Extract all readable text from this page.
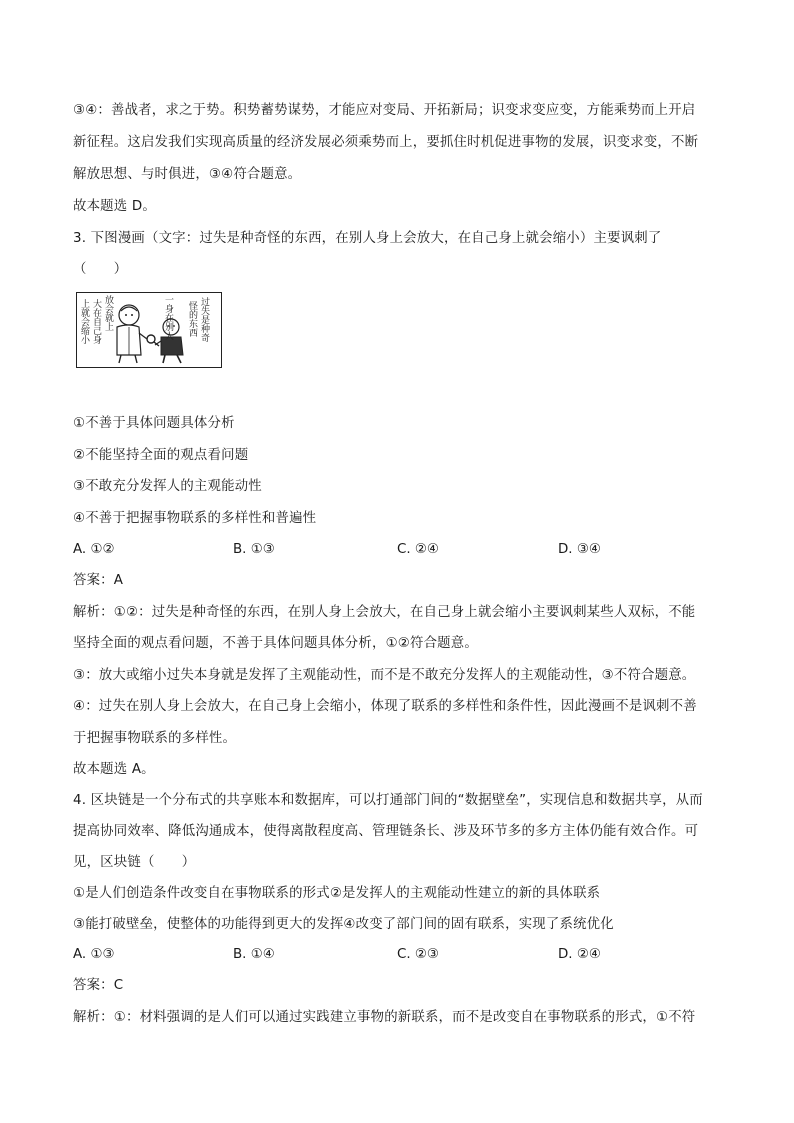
③④：善战者，求之于势。积势蓄势谋势，才能应对变局、开拓新局；识变求变应变，方能乘势而上开启
新征程。这启发我们实现高质量的经济发展必须乘势而上，要抓住时机促进事物的发展，识变求变，不断
解放思想、与时俱进，③④符合题意。
故本题选 D。
3. 下图漫画（文字：过失是种奇怪的东西，在别人身上会放大，在自己身上就会缩小）主要讽刺了
（　　）
上就会缩小 大在自己身 放会就上	一身在别人	过失是种奇
怪的东西
①不善于具体问题具体分析
②不能坚持全面的观点看问题
③不敢充分发挥人的主观能动性
④不善于把握事物联系的多样性和普遍性
A. ①②	B. ①③	C. ②④	D. ③④
答案：A
解析：①②：过失是种奇怪的东西，在别人身上会放大，在自己身上就会缩小主要讽刺某些人双标，不能
坚持全面的观点看问题，不善于具体问题具体分析，①②符合题意。
③：放大或缩小过失本身就是发挥了主观能动性，而不是不敢充分发挥人的主观能动性，③不符合题意。
④：过失在别人身上会放大，在自己身上会缩小，体现了联系的多样性和条件性，因此漫画不是讽刺不善
于把握事物联系的多样性。
故本题选 A。
4. 区块链是一个分布式的共享账本和数据库，可以打通部门间的“数据壁垒”，实现信息和数据共享，从而
提高协同效率、降低沟通成本，使得离散程度高、管理链条长、涉及环节多的多方主体仍能有效合作。可
见，区块链（　　）
①是人们创造条件改变自在事物联系的形式②是发挥人的主观能动性建立的新的具体联系
③能打破壁垒，使整体的功能得到更大的发挥④改变了部门间的固有联系，实现了系统优化
A. ①③	B. ①④	C. ②③	D. ②④
答案：C
解析：①：材料强调的是人们可以通过实践建立事物的新联系，而不是改变自在事物联系的形式，①不符
